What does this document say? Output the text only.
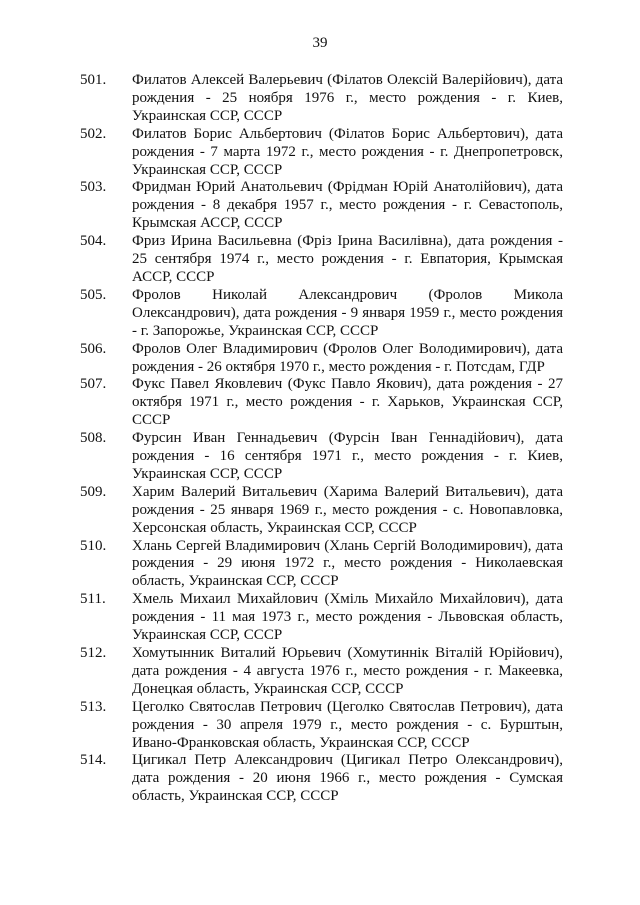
39
501.	Филатов Алексей Валерьевич (Філатов Олексій Валерійович), дата рождения - 25 ноября 1976 г., место рождения - г. Киев, Украинская ССР, СССР
502.	Филатов Борис Альбертович (Філатов Борис Альбертович), дата рождения - 7 марта 1972 г., место рождения - г. Днепропетровск, Украинская ССР, СССР
503.	Фридман Юрий Анатольевич (Фрідман Юрій Анатолійович), дата рождения - 8 декабря 1957 г., место рождения - г. Севастополь, Крымская АССР, СССР
504.	Фриз Ирина Васильевна (Фріз Ірина Василівна), дата рождения - 25 сентября 1974 г., место рождения - г. Евпатория, Крымская АССР, СССР
505.	Фролов Николай Александрович (Фролов Микола Олександрович), дата рождения - 9 января 1959 г., место рождения - г. Запорожье, Украинская ССР, СССР
506.	Фролов Олег Владимирович (Фролов Олег Володимирович), дата рождения - 26 октября 1970 г., место рождения - г. Потсдам, ГДР
507.	Фукс Павел Яковлевич (Фукс Павло Якович), дата рождения - 27 октября 1971 г., место рождения - г. Харьков, Украинская ССР, СССР
508.	Фурсин Иван Геннадьевич (Фурсін Іван Геннадійович), дата рождения - 16 сентября 1971 г., место рождения - г. Киев, Украинская ССР, СССР
509.	Харим Валерий Витальевич (Харима Валерий Витальевич), дата рождения - 25 января 1969 г., место рождения - с. Новопавловка, Херсонская область, Украинская ССР, СССР
510.	Хлань Сергей Владимирович (Хлань Сергій Володимирович), дата рождения - 29 июня 1972 г., место рождения - Николаевская область, Украинская ССР, СССР
511.	Хмель Михаил Михайлович (Хміль Михайло Михайлович), дата рождения - 11 мая 1973 г., место рождения - Львовская область, Украинская ССР, СССР
512.	Хомутынник Виталий Юрьевич (Хомутиннік Віталій Юрійович), дата рождения - 4 августа 1976 г., место рождения - г. Макеевка, Донецкая область, Украинская ССР, СССР
513.	Цеголко Святослав Петрович (Цеголко Святослав Петрович), дата рождения - 30 апреля 1979 г., место рождения - с. Бурштын, Ивано-Франковская область, Украинская ССР, СССР
514.	Цигикал Петр Александрович (Цигикал Петро Олександрович), дата рождения - 20 июня 1966 г., место рождения - Сумская область, Украинская ССР, СССР
